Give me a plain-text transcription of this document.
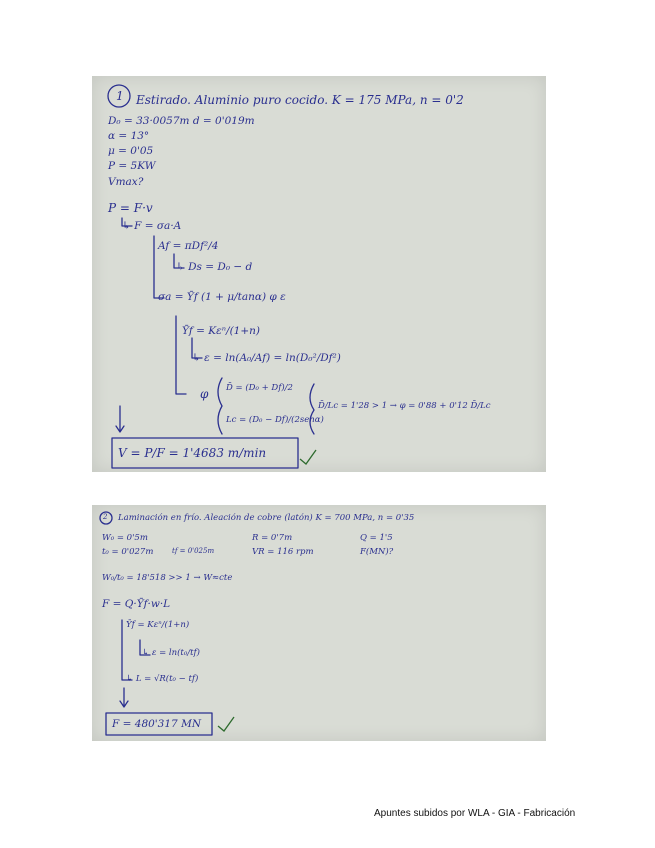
1 Estirado. Aluminio puro cocido. K = 175 MPa, n = 0'2
D₀ = 33·0057m d = 0'019m
α = 13°
μ = 0'05
P = 5KW
Vmax?
P = F·v
↳ F = σa·A
Af = πDf²/4
↳ Ds = D₀ − d
σa = Ȳf (1 + μ/tanα) φ ε
Ȳf = Kεⁿ/(1+n)
↳ ε = ln(A₀/Af) = ln(D₀²/Df²)
φ D̄ = (D₀ + Df)/2
Lc = (D₀ − Df)/(2senα)
D̄/Lc = 1'28 > 1 → φ = 0'88 + 0'12 D̄/Lc
V = P/F = 1'4683 m/min
2 Laminación en frío. Aleación de cobre (latón) K = 700 MPa, n = 0'35
W₀ = 0'5m
t₀ = 0'027m	tf = 0'025m
R = 0'7m
VR = 116 rpm
Q = 1'5
F(MN)?
W₀/t₀ = 18'518 >> 1 → W≈cte
F = Q·Ȳf·w·L
Ȳf = Kεⁿ/(1+n)
↳ ε = ln(t₀/tf)
↳ L = √R(t₀ − tf)
F = 480'317 MN
Apuntes subidos por WLA - GIA - Fabricación
